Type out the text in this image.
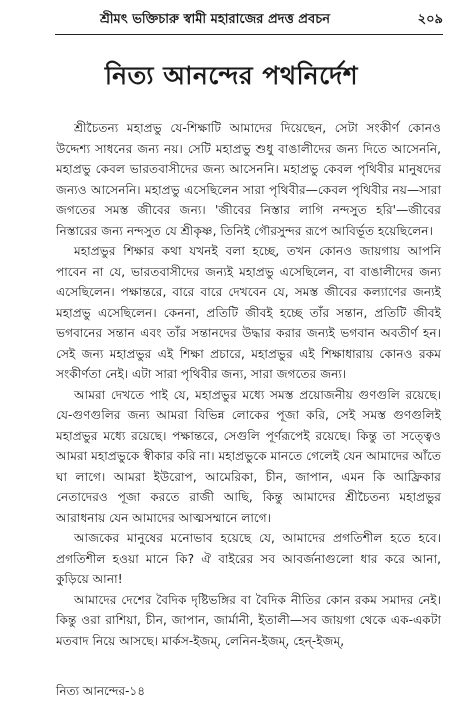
শ্রীমৎ ভক্তিচারু স্বামী মহারাজের প্রদত্ত প্রবচন	২০৯
নিত্য আনন্দের পথনির্দেশ

শ্রীচৈতন্য মহাপ্রভু যে-শিক্ষাটি আমাদের দিয়েছেন, সেটা সংকীর্ণ কোনও উদ্দেশ্য সাধনের জন্য নয়। সেটি মহাপ্রভু শুধু বাঙালীদের জন্য দিতে আসেননি, মহাপ্রভু কেবল ভারতবাসীদের জন্য আসেননি। মহাপ্রভু কেবল পৃথিবীর মানুষদের জন্যও আসেননি। মহাপ্রভু এসেছিলেন সারা পৃথিবীর—কেবল পৃথিবীর নয়—সারা জগতের সমস্ত জীবের জন্য। 'জীবের নিস্তার লাগি নন্দসুত হরি'—জীবের নিস্তারের জন্য নন্দসুত যে শ্রীকৃষ্ণ, তিনিই গৌরসুন্দর রূপে আবির্ভূত হয়েছিলেন।

মহাপ্রভুর শিক্ষার কথা যখনই বলা হচ্ছে, তখন কোনও জায়গায় আপনি পাবেন না যে, ভারতবাসীদের জন্যই মহাপ্রভু এসেছিলেন, বা বাঙালীদের জন্য এসেছিলেন। পক্ষান্তরে, বারে বারে দেখবেন যে, সমস্ত জীবের কল্যাণের জন্যই মহাপ্রভু এসেছিলেন। কেননা, প্রতিটি জীবই হচ্ছে তাঁর সন্তান, প্রতিটি জীবই ভগবানের সন্তান এবং তাঁর সন্তানদের উদ্ধার করার জন্যই ভগবান অবতীর্ণ হন। সেই জন্য মহাপ্রভুর এই শিক্ষা প্রচারে, মহাপ্রভুর এই শিক্ষাধারায় কোনও রকম সংকীর্ণতা নেই। এটা সারা পৃথিবীর জন্য, সারা জগতের জন্য।

আমরা দেখতে পাই যে, মহাপ্রভুর মধ্যে সমস্ত প্রয়োজনীয় গুণগুলি রয়েছে। যে-গুণগুলির জন্য আমরা বিভিন্ন লোকের পূজা করি, সেই সমস্ত গুণগুলিই মহাপ্রভুর মধ্যে রয়েছে। পক্ষান্তরে, সেগুলি পূর্ণরূপেই রয়েছে। কিন্তু তা সত্ত্বেও আমরা মহাপ্রভুকে স্বীকার করি না। মহাপ্রভুকে মানতে গেলেই যেন আমাদের আঁতে ঘা লাগে। আমরা ইউরোপ, আমেরিকা, চীন, জাপান, এমন কি আফ্রিকার নেতাদেরও পূজা করতে রাজী আছি, কিন্তু আমাদের শ্রীচৈতন্য মহাপ্রভুর আরাধনায় যেন আমাদের আত্মসম্মানে লাগে।

আজকের মানুষের মনোভাব হয়েছে যে, আমাদের প্রগতিশীল হতে হবে। প্রগতিশীল হওয়া মানে কি? ঐ বাইরের সব আবর্জনাগুলো ধার করে আনা, কুড়িয়ে আনা!

আমাদের দেশের বৈদিক দৃষ্টিভঙ্গির বা বৈদিক নীতির কোন রকম সমাদর নেই। কিন্তু ওরা রাশিয়া, চীন, জাপান, জার্মানী, ইতালী—সব জায়গা থেকে এক-একটা মতবাদ নিয়ে আসছে। মার্কস-ইজম্, লেনিন-ইজম্, হেন্-ইজম্,

নিত্য আনন্দের-১৪
